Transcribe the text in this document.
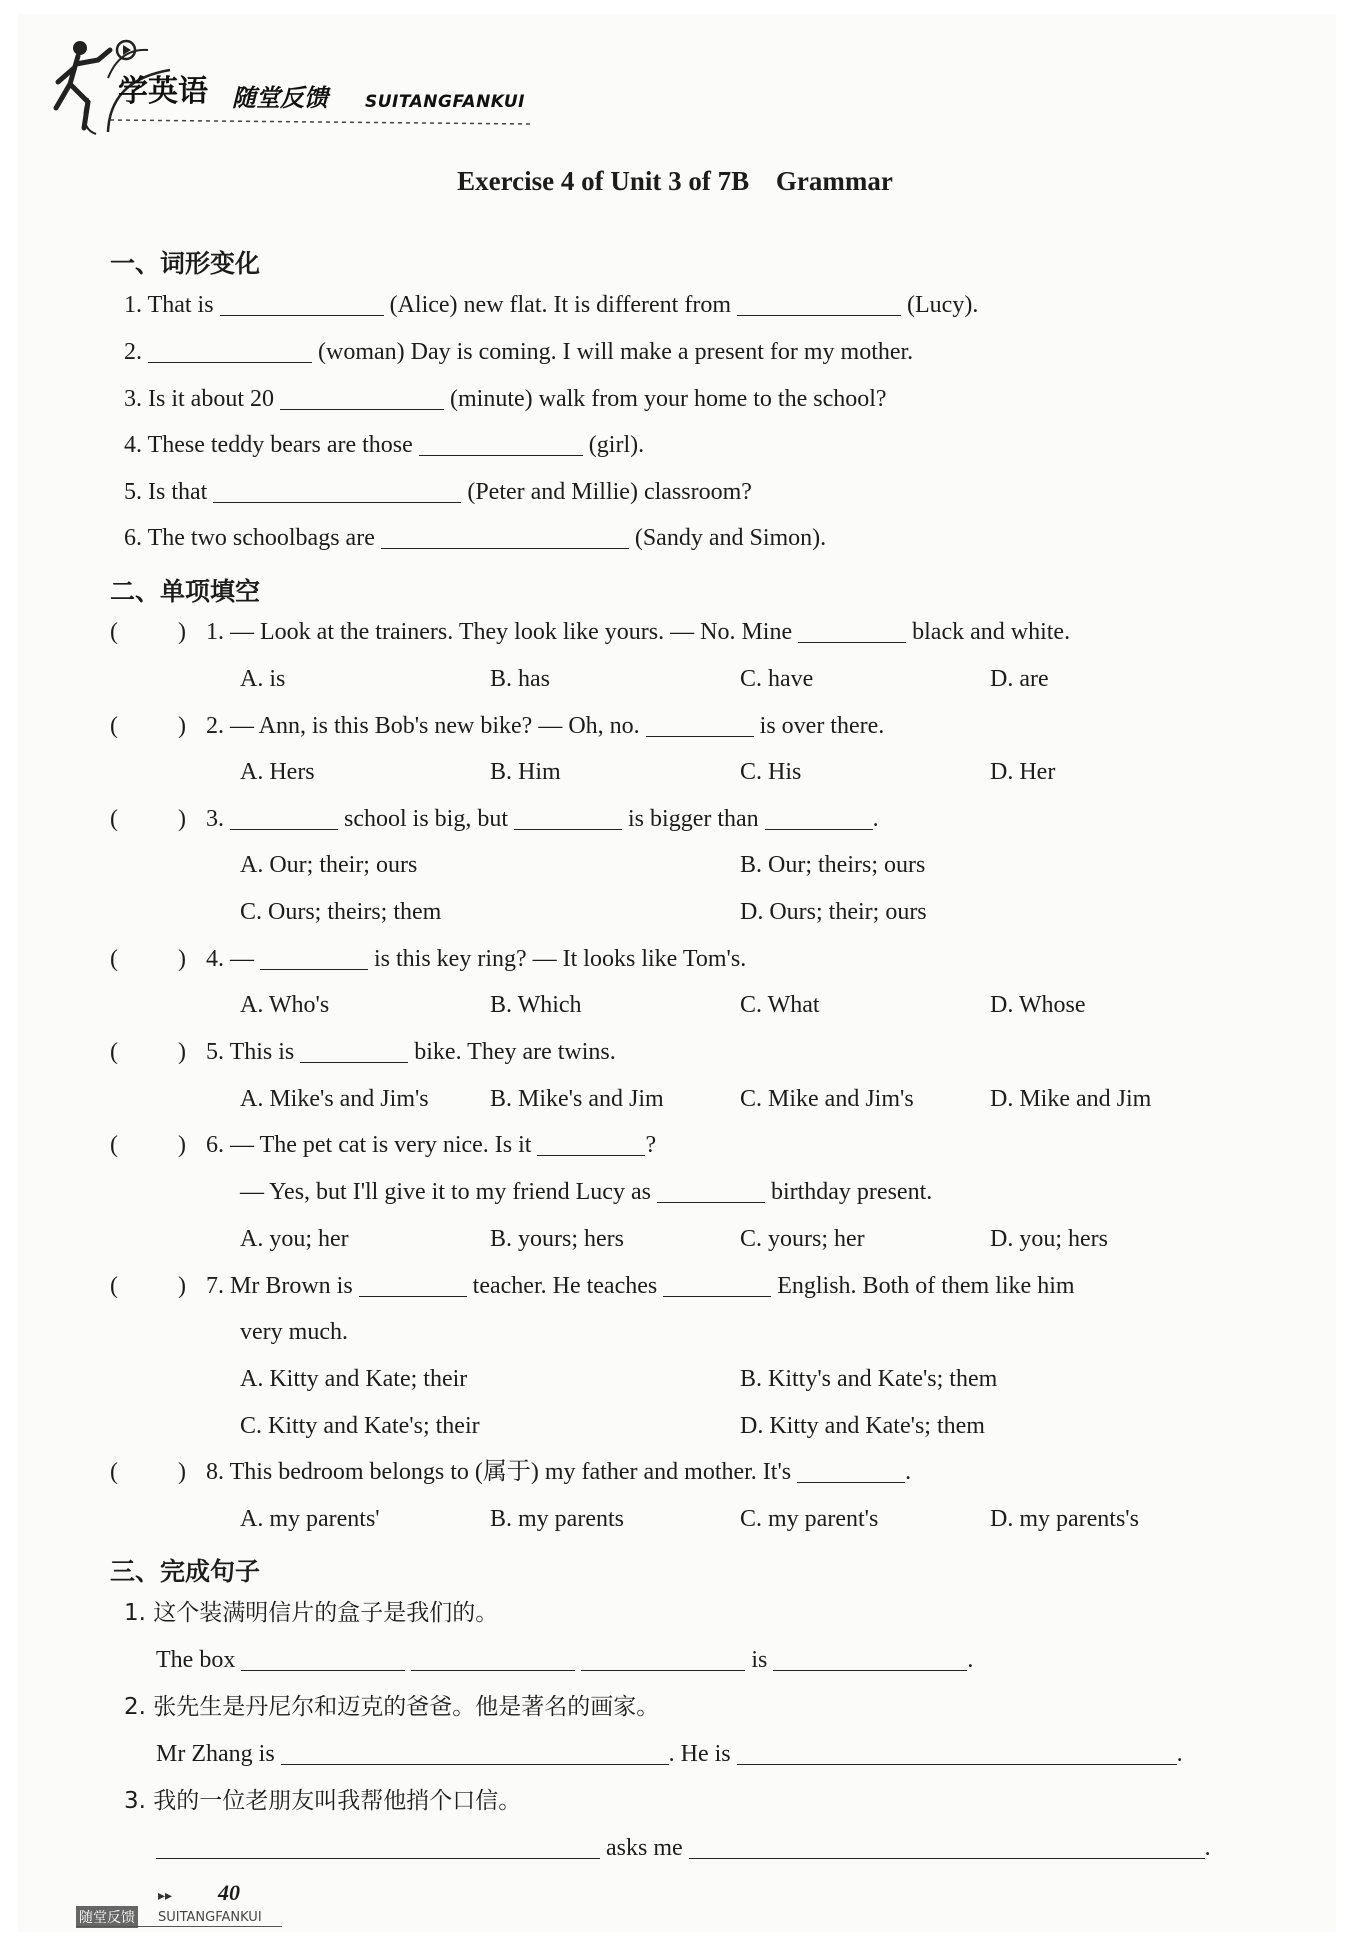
学英语 随堂反馈 SUITANGFANKUI
Exercise 4 of Unit 3 of 7B Grammar
一、词形变化
1. That is	(Alice) new flat. It is different from	(Lucy).
2.	(woman) Day is coming. I will make a present for my mother.
3. Is it about 20	(minute) walk from your home to the school?
4. These teddy bears are those	(girl).
5. Is that	(Peter and Millie) classroom?
6. The two schoolbags are	(Sandy and Simon).
二、单项填空
(	) 1. — Look at the trainers. They look like yours. — No. Mine	black and white.
A. is	B. has	C. have	D. are
(	) 2. — Ann, is this Bob's new bike? — Oh, no.	is over there.
A. Hers	B. Him	C. His	D. Her
(	) 3.	school is big, but	is bigger than	.
A. Our; their; ours	B. Our; theirs; ours
C. Ours; theirs; them	D. Ours; their; ours
(	) 4. —	is this key ring? — It looks like Tom's.
A. Who's	B. Which	C. What	D. Whose
(	) 5. This is	bike. They are twins.
A. Mike's and Jim's	B. Mike's and Jim	C. Mike and Jim's	D. Mike and Jim
(	) 6. — The pet cat is very nice. Is it	?
— Yes, but I'll give it to my friend Lucy as	birthday present.
A. you; her	B. yours; hers	C. yours; her	D. you; hers
(	) 7. Mr Brown is	teacher. He teaches	English. Both of them like him
very much.
A. Kitty and Kate; their	B. Kitty's and Kate's; them
C. Kitty and Kate's; their	D. Kitty and Kate's; them
(	) 8. This bedroom belongs to (属于) my father and mother. It's	.
A. my parents'	B. my parents	C. my parent's	D. my parents's
三、完成句子
1. 这个装满明信片的盒子是我们的。
The box	is	.
2. 张先生是丹尼尔和迈克的爸爸。他是著名的画家。
Mr Zhang is	. He is	.
3. 我的一位老朋友叫我帮他捎个口信。
asks me	.
▸▸ 40
随堂反馈 SUITANGFANKUI
